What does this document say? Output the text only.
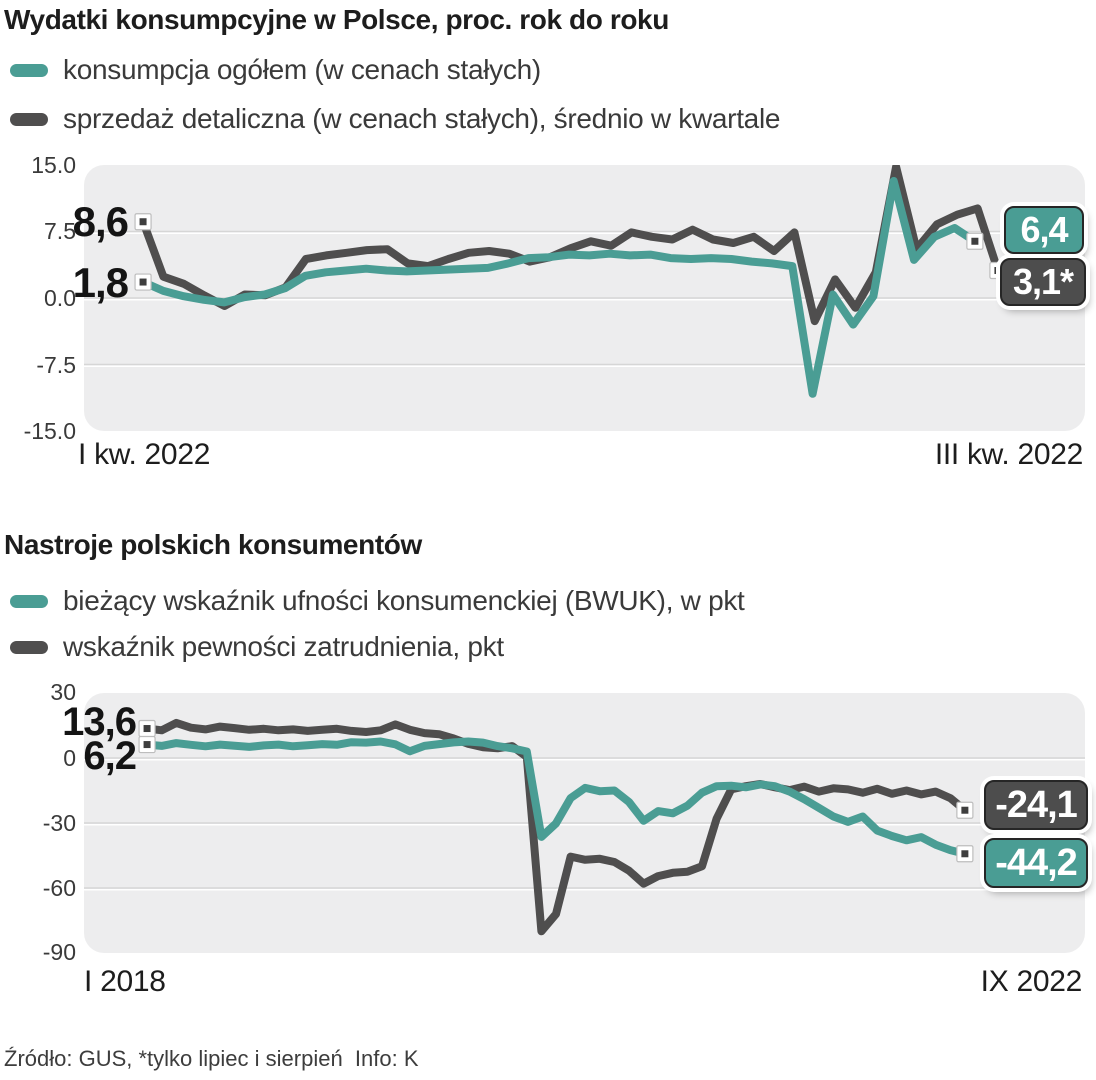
Wydatki konsumpcyjne w Polsce, proc. rok do roku
konsumpcja ogółem (w cenach stałych)
sprzedaż detaliczna (w cenach stałych), średnio w kwartale
15.0
7.5
0.0
-7.5
-15.0
8,6
1,8
6,4
3,1*
I kw. 2022	III kw. 2022
Nastroje polskich konsumentów
bieżący wskaźnik ufności konsumenckiej (BWUK), w pkt
wskaźnik pewności zatrudnienia, pkt
30
0
-30
-60
-90
13,6
6,2
-24,1
-44,2
I 2018	IX 2022
Źródło: GUS, *tylko lipiec i sierpień  Info: K
